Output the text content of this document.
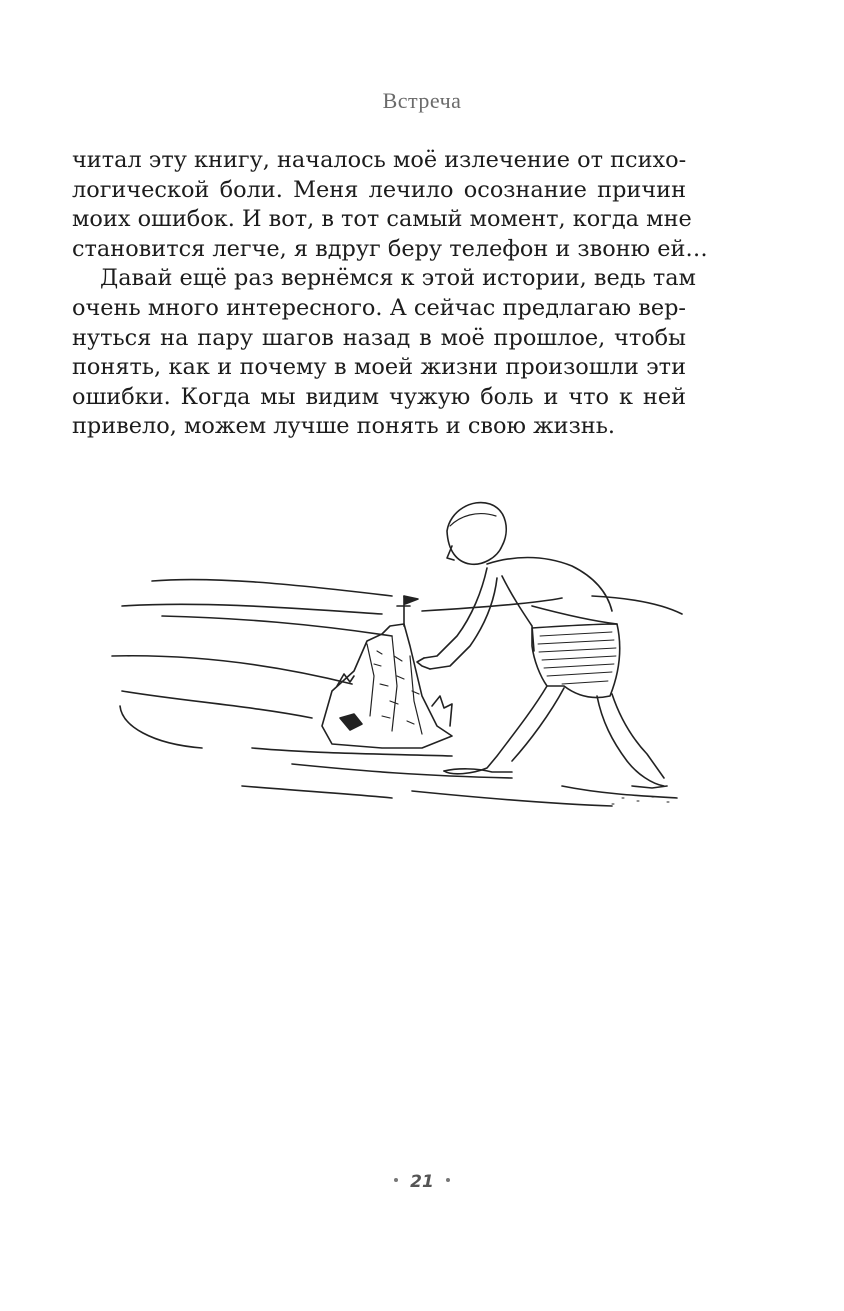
Встреча
читал эту книгу, началось моё излечение от психо-
логической боли. Меня лечило осознание причин
моих ошибок. И вот, в тот самый момент, когда мне
становится легче, я вдруг беру телефон и звоню ей…
Давай ещё раз вернёмся к этой истории, ведь там
очень много интересного. А сейчас предлагаю вер-
нуться на пару шагов назад в моё прошлое, чтобы
понять, как и почему в моей жизни произошли эти
ошибки. Когда мы видим чужую боль и что к ней
привело, можем лучше понять и свою жизнь.
21
